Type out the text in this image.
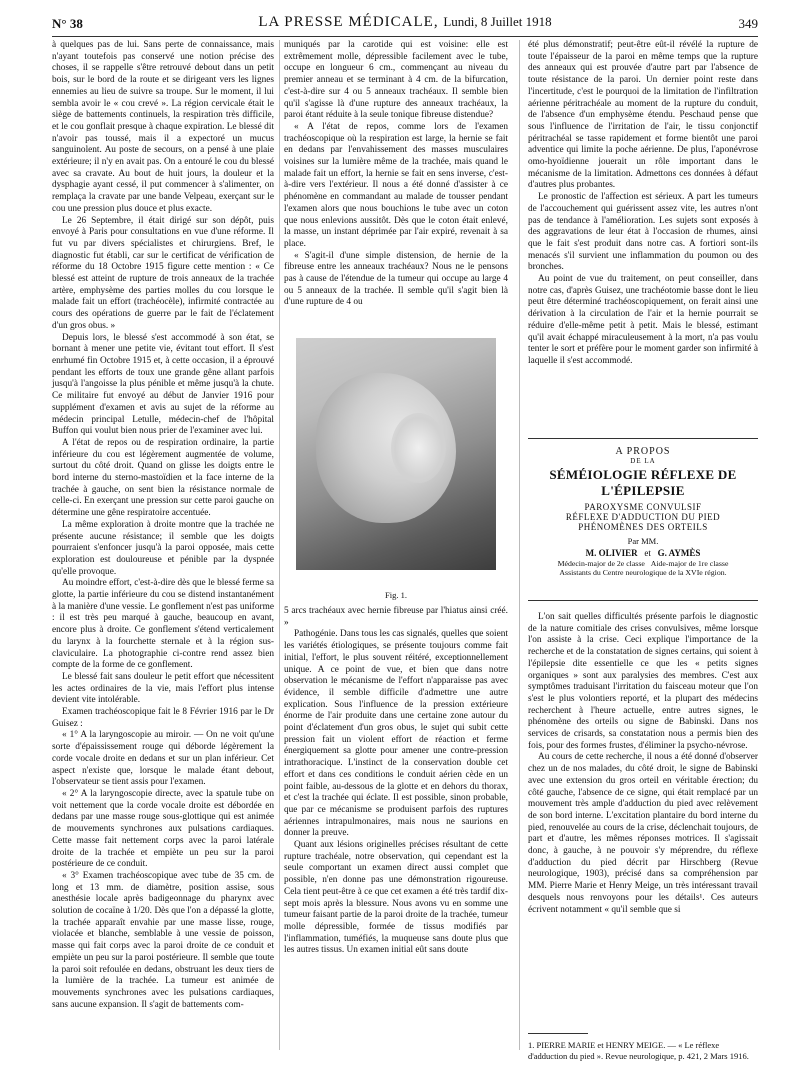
N° 38	LA PRESSE MÉDICALE, Lundi, 8 Juillet 1918	349

à quelques pas de lui. Sans perte de connaissance, mais n'ayant toutefois pas conservé une notion précise des choses, il se rappelle s'être retrouvé debout dans un petit bois, sur le bord de la route et se dirigeant vers les lignes ennemies au lieu de suivre sa troupe. Sur le moment, il lui sembla avoir le « cou crevé ». La région cervicale était le siège de battements continuels, la respiration très difficile, et le cou gonflait presque à chaque expiration. Le blessé dit n'avoir pas toussé, mais il a expectoré un mucus sanguinolent. Au poste de secours, on a pensé à une plaie extérieure; il n'y en avait pas. On a entouré le cou du blessé avec sa cravate. Au bout de huit jours, la douleur et la dysphagie ayant cessé, il put commencer à s'alimenter, on remplaça la cravate par une bande Velpeau, exerçant sur le cou une pression plus douce et plus exacte.

Le 26 Septembre, il était dirigé sur son dépôt, puis envoyé à Paris pour consultations en vue d'une réforme. Il fut vu par divers spécialistes et chirurgiens. Bref, le diagnostic fut établi, car sur le certificat de vérification de réforme du 18 Octobre 1915 figure cette mention : « Ce blessé est atteint de rupture de trois anneaux de la trachée artère, emphysème des parties molles du cou lorsque le malade fait un effort (trachéocèle), infirmité contractée au cours des opérations de guerre par le fait de l'éclatement d'un gros obus. »

Depuis lors, le blessé s'est accommodé à son état, se bornant à mener une petite vie, évitant tout effort. Il s'est enrhumé fin Octobre 1915 et, à cette occasion, il a éprouvé pendant les efforts de toux une grande gêne allant parfois jusqu'à l'angoisse la plus pénible et même jusqu'à la chute. Ce militaire fut envoyé au début de Janvier 1916 pour supplément d'examen et avis au sujet de la réforme au médecin principal Letulle, médecin-chef de l'hôpital Buffon qui voulut bien nous prier de l'examiner avec lui.

A l'état de repos ou de respiration ordinaire, la partie inférieure du cou est légèrement augmentée de volume, surtout du côté droit. Quand on glisse les doigts entre le bord interne du sterno-mastoïdien et la face interne de la trachée à gauche, on sent bien la résistance normale de celle-ci. En exerçant une pression sur cette paroi gauche on détermine une gêne respiratoire accentuée.

La même exploration à droite montre que la trachée ne présente aucune résistance; il semble que les doigts pourraient s'enfoncer jusqu'à la paroi opposée, mais cette exploration est douloureuse et pénible par la dyspnée qu'elle provoque.

Au moindre effort, c'est-à-dire dès que le blessé ferme sa glotte, la partie inférieure du cou se distend instantanément à la manière d'une vessie. Le gonflement n'est pas uniforme : il est très peu marqué à gauche, beaucoup en avant, encore plus à droite. Ce gonflement s'étend verticalement du larynx à la fourchette sternale et à la région sus-claviculaire. La photographie ci-contre rend assez bien compte de la forme de ce gonflement.

Le blessé fait sans douleur le petit effort que nécessitent les actes ordinaires de la vie, mais l'effort plus intense devient vite intolérable.

Examen trachéoscopique fait le 8 Février 1916 par le Dr Guisez :

« 1° A la laryngoscopie au miroir. — On ne voit qu'une sorte d'épaississement rouge qui déborde légèrement la corde vocale droite en dedans et sur un plan inférieur. Cet aspect n'existe que, lorsque le malade étant debout, l'observateur se tient assis pour l'examen.

« 2° A la laryngoscopie directe, avec la spatule tube on voit nettement que la corde vocale droite est débordée en dedans par une masse rouge sous-glottique qui est animée de mouvements synchrones aux pulsations cardiaques. Cette masse fait nettement corps avec la paroi latérale droite de la trachée et empiète un peu sur la paroi postérieure de ce conduit.

« 3° Examen trachéoscopique avec tube de 35 cm. de long et 13 mm. de diamètre, position assise, sous anesthésie locale après badigeonnage du pharynx avec solution de cocaïne à 1/20. Dès que l'on a dépassé la glotte, la trachée apparaît envahie par une masse lisse, rouge, violacée et blanche, semblable à une vessie de poisson, masse qui fait corps avec la paroi droite de ce conduit et empiète un peu sur la paroi postérieure. Il semble que toute la paroi soit refoulée en dedans, obstruant les deux tiers de la lumière de la trachée. La tumeur est animée de mouvements synchrones avec les pulsations cardiaques, sans aucune expansion. Il s'agit de battements com-

muniqués par la carotide qui est voisine: elle est extrêmement molle, dépressible facilement avec le tube, occupe en longueur 6 cm., commençant au niveau du premier anneau et se terminant à 4 cm. de la bifurcation, c'est-à-dire sur 4 ou 5 anneaux trachéaux. Il semble bien qu'il s'agisse là d'une rupture des anneaux trachéaux, la paroi étant réduite à la seule tonique fibreuse distendue?

« A l'état de repos, comme lors de l'examen trachéoscopique où la respiration est large, la hernie se fait en dedans par l'envahissement des masses musculaires voisines sur la lumière même de la trachée, mais quand le malade fait un effort, la hernie se fait en sens inverse, c'est-à-dire vers l'extérieur. Il nous a été donné d'assister à ce phénomène en commandant au malade de tousser pendant l'examen alors que nous bouchions le tube avec un coton que nous enlevions aussitôt. Dès que le coton était enlevé, la masse, un instant déprimée par l'air expiré, revenait à sa place.

« S'agit-il d'une simple distension, de hernie de la fibreuse entre les anneaux trachéaux? Nous ne le pensons pas à cause de l'étendue de la tumeur qui occupe au large 4 ou 5 anneaux de la trachée. Il semble qu'il s'agit bien là d'une rupture de 4 ou

Fig. 1.

5 arcs trachéaux avec hernie fibreuse par l'hiatus ainsi créé. »

Pathogénie. Dans tous les cas signalés, quelles que soient les variétés étiologiques, se présente toujours comme fait initial, l'effort, le plus souvent réitéré, exceptionnellement unique. A ce point de vue, et bien que dans notre observation le mécanisme de l'effort n'apparaisse pas avec évidence, il semble difficile d'admettre une autre explication. Sous l'influence de la pression extérieure énorme de l'air produite dans une certaine zone autour du point d'éclatement d'un gros obus, le sujet qui subit cette pression fait un violent effort de réaction et ferme énergiquement sa glotte pour amener une contre-pression intrathoracique. L'instinct de la conservation double cet effort et dans ces conditions le conduit aérien cède en un point faible, au-dessous de la glotte et en dehors du thorax, et c'est la trachée qui éclate. Il est possible, sinon probable, que par ce mécanisme se produisent parfois des ruptures aériennes intrapulmonaires, mais nous ne saurions en donner la preuve.

Quant aux lésions originelles précises résultant de cette rupture trachéale, notre observation, qui cependant est la seule comportant un examen direct aussi complet que possible, n'en donne pas une démonstration rigoureuse. Cela tient peut-être à ce que cet examen a été très tardif dix-sept mois après la blessure. Nous avons vu en somme une tumeur faisant partie de la paroi droite de la trachée, tumeur molle dépressible, formée de tissus modifiés par l'inflammation, tuméfiés, la muqueuse sans doute plus que les autres tissus. Un examen initial eût sans doute

été plus démonstratif; peut-être eût-il révélé la rupture de toute l'épaisseur de la paroi en même temps que la rupture des anneaux qui est prouvée d'autre part par l'absence de toute résistance de la paroi. Un dernier point reste dans l'incertitude, c'est le pourquoi de la limitation de l'infiltration aérienne péritrachéale au moment de la rupture du conduit, de l'absence d'un emphysème étendu. Peschaud pense que sous l'influence de l'irritation de l'air, le tissu conjonctif péritrachéal se tasse rapidement et forme bientôt une paroi adventice qui limite la poche aérienne. De plus, l'aponévrose omo-hyoïdienne jouerait un rôle important dans le mécanisme de la limitation. Admettons ces données à défaut d'autres plus probantes.

Le pronostic de l'affection est sérieux. A part les tumeurs de l'accouchement qui guérissent assez vite, les autres n'ont pas de tendance à l'amélioration. Les sujets sont exposés à des aggravations de leur état à l'occasion de rhumes, ainsi que le fait s'est produit dans notre cas. A fortiori sont-ils menacés s'il survient une inflammation du poumon ou des bronches.

Au point de vue du traitement, on peut conseiller, dans notre cas, d'après Guisez, une trachéotomie basse dont le lieu peut être déterminé trachéoscopiquement, on ferait ainsi une dérivation à la circulation de l'air et la hernie pourrait se réduire d'elle-même petit à petit. Mais le blessé, estimant qu'il avait échappé miraculeusement à la mort, n'a pas voulu tenter le sort et préfère pour le moment garder son infirmité à laquelle il s'est accommodé.

A PROPOS
DE LA
SÉMÉIOLOGIE RÉFLEXE DE L'ÉPILEPSIE
PAROXYSME CONVULSIF
RÉFLEXE D'ADDUCTION DU PIED
PHÉNOMÈNES DES ORTEILS
Par MM.
M. OLIVIER et G. AYMÈS
Médecin-major de 2e classe Aide-major de 1re classe
Assistants du Centre neurologique de la XVIe région.

L'on sait quelles difficultés présente parfois le diagnostic de la nature comitiale des crises convulsives, même lorsque l'on assiste à la crise. Ceci explique l'importance de la recherche et de la constatation de signes certains, qui soient à l'épilepsie dite essentielle ce que les « petits signes organiques » sont aux paralysies des membres. C'est aux symptômes traduisant l'irritation du faisceau moteur que l'on s'est le plus volontiers reporté, et la plupart des médecins recherchent à l'heure actuelle, entre autres signes, le phénomène des orteils ou signe de Babinski. Dans nos services de crisards, sa constatation nous a permis bien des fois, pour des formes frustes, d'éliminer la psycho-névrose.

Au cours de cette recherche, il nous a été donné d'observer chez un de nos malades, du côté droit, le signe de Babinski avec une extension du gros orteil en véritable érection; du côté gauche, l'absence de ce signe, qui était remplacé par un mouvement très ample d'adduction du pied avec relèvement de son bord interne. L'excitation plantaire du bord interne du pied, renouvelée au cours de la crise, déclenchait toujours, de part et d'autre, les mêmes réponses motrices. Il s'agissait donc, à gauche, à ne pouvoir s'y méprendre, du réflexe d'adduction du pied décrit par Hirschberg (Revue neurologique, 1903), précisé dans sa compréhension par MM. Pierre Marie et Henry Meige, un très intéressant travail desquels nous renvoyons pour les détails¹. Ces auteurs écrivent notamment « qu'il semble que si

1. PIERRE MARIE et HENRY MEIGE. — « Le réflexe d'adduction du pied ». Revue neurologique, p. 421, 2 Mars 1916.
